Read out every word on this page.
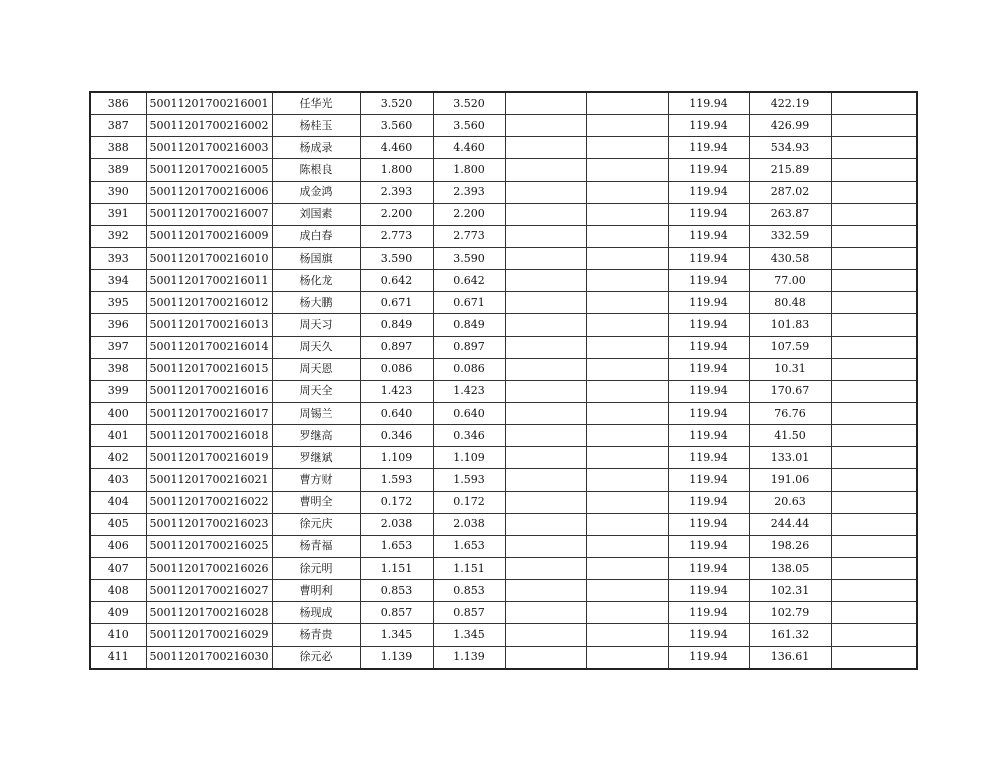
386	50011201700216001	任华光	3.520	3.520			119.94	422.19	
387	50011201700216002	杨桂玉	3.560	3.560			119.94	426.99	
388	50011201700216003	杨成录	4.460	4.460			119.94	534.93	
389	50011201700216005	陈根良	1.800	1.800			119.94	215.89	
390	50011201700216006	成金鸿	2.393	2.393			119.94	287.02	
391	50011201700216007	刘国素	2.200	2.200			119.94	263.87	
392	50011201700216009	成白春	2.773	2.773			119.94	332.59	
393	50011201700216010	杨国旗	3.590	3.590			119.94	430.58	
394	50011201700216011	杨化龙	0.642	0.642			119.94	77.00	
395	50011201700216012	杨大鹏	0.671	0.671			119.94	80.48	
396	50011201700216013	周天习	0.849	0.849			119.94	101.83	
397	50011201700216014	周天久	0.897	0.897			119.94	107.59	
398	50011201700216015	周天恩	0.086	0.086			119.94	10.31	
399	50011201700216016	周天全	1.423	1.423			119.94	170.67	
400	50011201700216017	周锡兰	0.640	0.640			119.94	76.76	
401	50011201700216018	罗继高	0.346	0.346			119.94	41.50	
402	50011201700216019	罗继斌	1.109	1.109			119.94	133.01	
403	50011201700216021	曹方财	1.593	1.593			119.94	191.06	
404	50011201700216022	曹明全	0.172	0.172			119.94	20.63	
405	50011201700216023	徐元庆	2.038	2.038			119.94	244.44	
406	50011201700216025	杨青福	1.653	1.653			119.94	198.26	
407	50011201700216026	徐元明	1.151	1.151			119.94	138.05	
408	50011201700216027	曹明利	0.853	0.853			119.94	102.31	
409	50011201700216028	杨现成	0.857	0.857			119.94	102.79	
410	50011201700216029	杨青贵	1.345	1.345			119.94	161.32	
411	50011201700216030	徐元必	1.139	1.139			119.94	136.61	
